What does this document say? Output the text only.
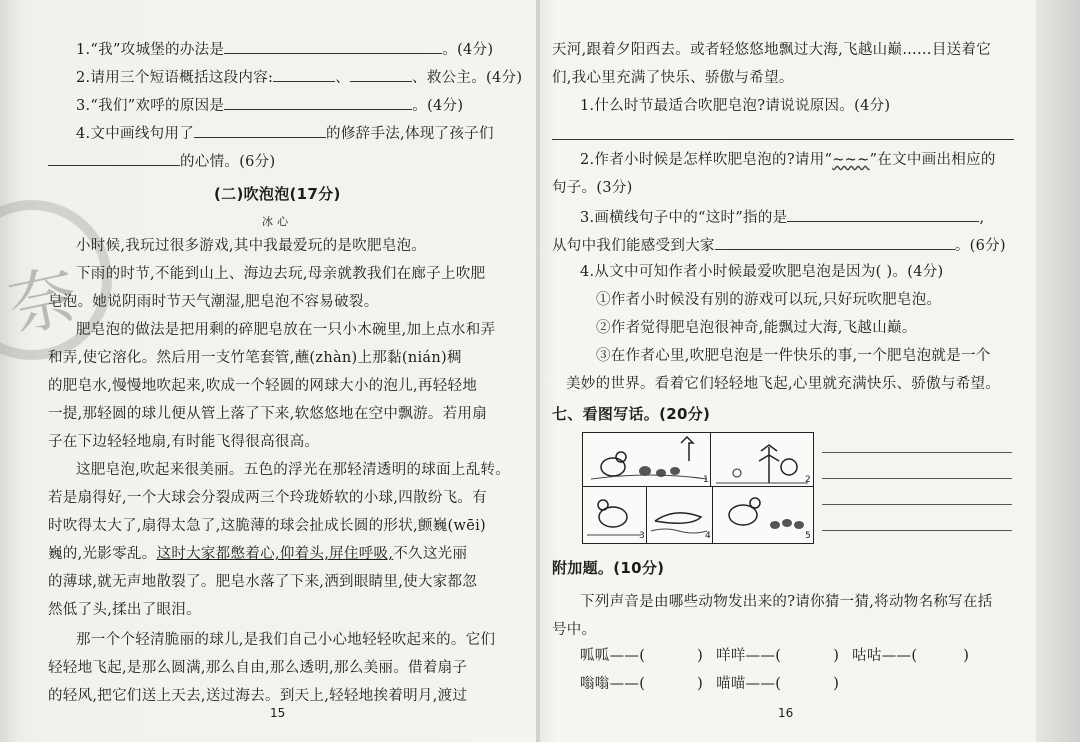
奈
1.“我”攻城堡的办法是	。(4分)
2.请用三个短语概括这段内容:	、	、救公主。(4分)
3.“我们”欢呼的原因是	。(4分)
4.文中画线句用了	的修辞手法,体现了孩子们
的心情。(6分)
(二)吹泡泡(17分)
冰 心
小时候,我玩过很多游戏,其中我最爱玩的是吹肥皂泡。
下雨的时节,不能到山上、海边去玩,母亲就教我们在廊子上吹肥
皂泡。她说阴雨时节天气潮湿,肥皂泡不容易破裂。
肥皂泡的做法是把用剩的碎肥皂放在一只小木碗里,加上点水和弄
和弄,使它溶化。然后用一支竹笔套管,蘸(zhàn)上那黏(nián)稠
的肥皂水,慢慢地吹起来,吹成一个轻圆的网球大小的泡儿,再轻轻地
一提,那轻圆的球儿便从管上落了下来,软悠悠地在空中飘游。若用扇
子在下边轻轻地扇,有时能飞得很高很高。
这肥皂泡,吹起来很美丽。五色的浮光在那轻清透明的球面上乱转。
若是扇得好,一个大球会分裂成两三个玲珑娇软的小球,四散纷飞。有
时吹得太大了,扇得太急了,这脆薄的球会扯成长圆的形状,颤巍(wēi)
巍的,光影零乱。这时大家都憋着心,仰着头,屏住呼吸,不久这光丽
的薄球,就无声地散裂了。肥皂水落了下来,洒到眼睛里,使大家都忽
然低了头,揉出了眼泪。
那一个个轻清脆丽的球儿,是我们自己小心地轻轻吹起来的。它们
轻轻地飞起,是那么圆满,那么自由,那么透明,那么美丽。借着扇子
的轻风,把它们送上天去,送过海去。到天上,轻轻地挨着明月,渡过
15
天河,跟着夕阳西去。或者轻悠悠地飘过大海,飞越山巅……目送着它
们,我心里充满了快乐、骄傲与希望。
1.什么时节最适合吹肥皂泡?请说说原因。(4分)
2.作者小时候是怎样吹肥皂泡的?请用“~~~”在文中画出相应的
句子。(3分)
3.画横线句子中的“这时”指的是	,
从句中我们能感受到大家	。(6分)
4.从文中可知作者小时候最爱吹肥皂泡是因为( )。(4分)
①作者小时候没有别的游戏可以玩,只好玩吹肥皂泡。
②作者觉得肥皂泡很神奇,能飘过大海,飞越山巅。
③在作者心里,吹肥皂泡是一件快乐的事,一个肥皂泡就是一个
美妙的世界。看着它们轻轻地飞起,心里就充满快乐、骄傲与希望。
七、看图写话。(20分)
1	2
3	4	5
附加题。(10分)
下列声音是由哪些动物发出来的?请你猜一猜,将动物名称写在括
号中。
呱呱——(	) 咩咩——(	) 咕咕——(	)
嗡嗡——(	) 喵喵——(	)
16
